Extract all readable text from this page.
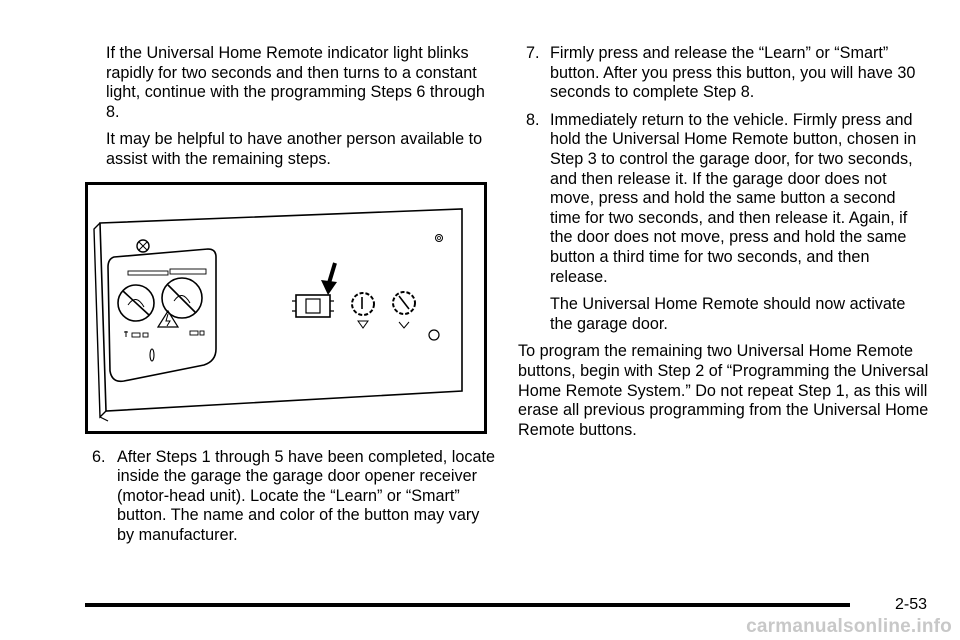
If the Universal Home Remote indicator light blinks rapidly for two seconds and then turns to a constant light, continue with the programming Steps 6 through 8.

It may be helpful to have another person available to assist with the remaining steps.

6. After Steps 1 through 5 have been completed, locate inside the garage the garage door opener receiver (motor-head unit). Locate the “Learn” or “Smart” button. The name and color of the button may vary by manufacturer.
7. Firmly press and release the “Learn” or “Smart” button. After you press this button, you will have 30 seconds to complete Step 8.
8. Immediately return to the vehicle. Firmly press and hold the Universal Home Remote button, chosen in Step 3 to control the garage door, for two seconds, and then release it. If the garage door does not move, press and hold the same button a second time for two seconds, and then release it. Again, if the door does not move, press and hold the same button a third time for two seconds, and then release.

The Universal Home Remote should now activate the garage door.

To program the remaining two Universal Home Remote buttons, begin with Step 2 of “Programming the Universal Home Remote System.” Do not repeat Step 1, as this will erase all previous programming from the Universal Home Remote buttons.

2-53
carmanualsonline.info
